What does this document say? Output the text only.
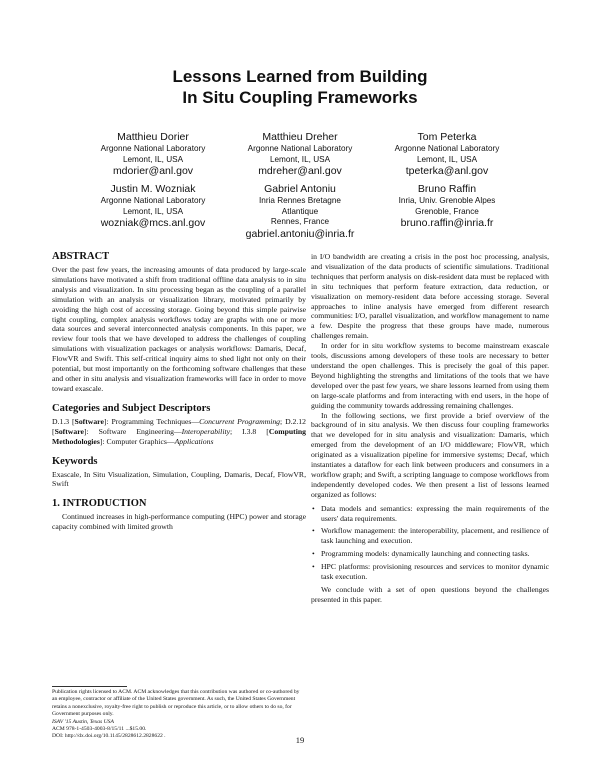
Lessons Learned from Building
In Situ Coupling Frameworks
Matthieu Dorier
Argonne National Laboratory
Lemont, IL, USA
mdorier@anl.gov
Matthieu Dreher
Argonne National Laboratory
Lemont, IL, USA
mdreher@anl.gov
Tom Peterka
Argonne National Laboratory
Lemont, IL, USA
tpeterka@anl.gov
Justin M. Wozniak
Argonne National Laboratory
Lemont, IL, USA
wozniak@mcs.anl.gov
Gabriel Antoniu
Inria Rennes Bretagne
Atlantique
Rennes, France
gabriel.antoniu@inria.fr
Bruno Raffin
Inria, Univ. Grenoble Alpes
Grenoble, France
bruno.raffin@inria.fr
ABSTRACT

Over the past few years, the increasing amounts of data produced by large-scale simulations have motivated a shift from traditional offline data analysis to in situ analysis and visualization. In situ processing began as the coupling of a parallel simulation with an analysis or visualization library, motivated primarily by avoiding the high cost of accessing storage. Going beyond this simple pairwise tight coupling, complex analysis workflows today are graphs with one or more data sources and several interconnected analysis components. In this paper, we review four tools that we have developed to address the challenges of coupling simulations with visualization packages or analysis workflows: Damaris, Decaf, FlowVR and Swift. This self-critical inquiry aims to shed light not only on their potential, but most importantly on the forthcoming software challenges that these and other in situ analysis and visualization frameworks will face in order to move toward exascale.

Categories and Subject Descriptors

D.1.3 [Software]: Programming Techniques—Concurrent Programming; D.2.12 [Software]: Software Engineering—Interoperability; I.3.8 [Computing Methodologies]: Computer Graphics—Applications

Keywords

Exascale, In Situ Visualization, Simulation, Coupling, Damaris, Decaf, FlowVR, Swift

1. INTRODUCTION

Continued increases in high-performance computing (HPC) power and storage capacity combined with limited growth

Publication rights licensed to ACM. ACM acknowledges that this contribution was authored or co-authored by an employee, contractor or affiliate of the United States government. As such, the United States Government retains a nonexclusive, royalty-free right to publish or reproduce this article, or to allow others to do so, for Government purposes only.
ISAV '15 Austin, Texas USA
ACM 978-1-4503-4003-8/15/11 ...$15.00.
DOI: http://dx.doi.org/10.1145/2828612.2828622 .

in I/O bandwidth are creating a crisis in the post hoc processing, analysis, and visualization of the data products of scientific simulations. Traditional techniques that perform analysis on disk-resident data must be replaced with in situ techniques that perform feature extraction, data reduction, or visualization on memory-resident data before accessing storage. Several approaches to inline analysis have emerged from different research communities: I/O, parallel visualization, and workflow management to name a few. Despite the progress that these groups have made, numerous challenges remain.

In order for in situ workflow systems to become mainstream exascale tools, discussions among developers of these tools are necessary to better understand the open challenges. This is precisely the goal of this paper. Beyond highlighting the strengths and limitations of the tools that we have developed over the past few years, we share lessons learned from using them on large-scale platforms and from interacting with end users, in the hope of guiding the community towards addressing remaining challenges.

In the following sections, we first provide a brief overview of the background of in situ analysis. We then discuss four coupling frameworks that we developed for in situ analysis and visualization: Damaris, which emerged from the development of an I/O middleware; FlowVR, which originated as a visualization pipeline for immersive systems; Decaf, which instantiates a dataflow for each link between producers and consumers in a workflow graph; and Swift, a scripting language to compose workflows from independently developed codes. We then present a list of lessons learned organized as follows:

• Data models and semantics: expressing the main requirements of the users' data requirements.
• Workflow management: the interoperability, placement, and resilience of task launching and execution.
• Programming models: dynamically launching and connecting tasks.
• HPC platforms: provisioning resources and services to monitor dynamic task execution.

We conclude with a set of open questions beyond the challenges presented in this paper.

19
